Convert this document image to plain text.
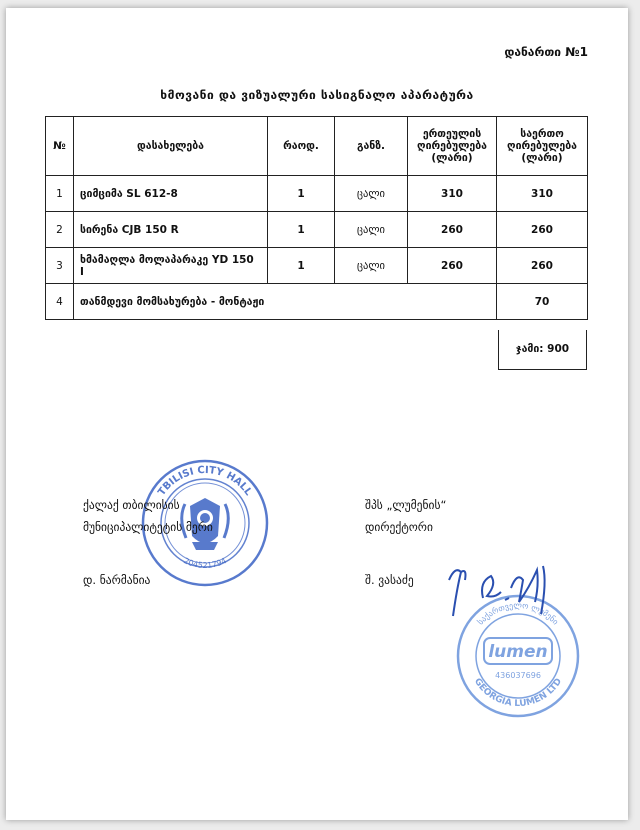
დანართი №1
ხმოვანი და ვიზუალური სასიგნალო აპარატურა
№	დასახელება	რაოდ.	განზ.	ერთეულის ღირებულება (ლარი)	საერთო ღირებულება (ლარი)
1	ციმციმა SL 612-8	1	ცალი	310	310
2	სირენა CJB 150 R	1	ცალი	260	260
3	ხმამაღლა მოლაპარაკე YD 150 I	1	ცალი	260	260
4	თანმდევი მომსახურება - მონტაჟი				70
ჯამი: 900
TBILISI CITY HALL
204521794
საქართველო ლუმენი
GEORGIA LUMEN LTD
lumen
436037696
ქალაქ თბილისის
მუნიციპალიტეტის მერი
დ. ნარმანია
შპს „ლუმენის“
დირექტორი
შ. ვასაძე
